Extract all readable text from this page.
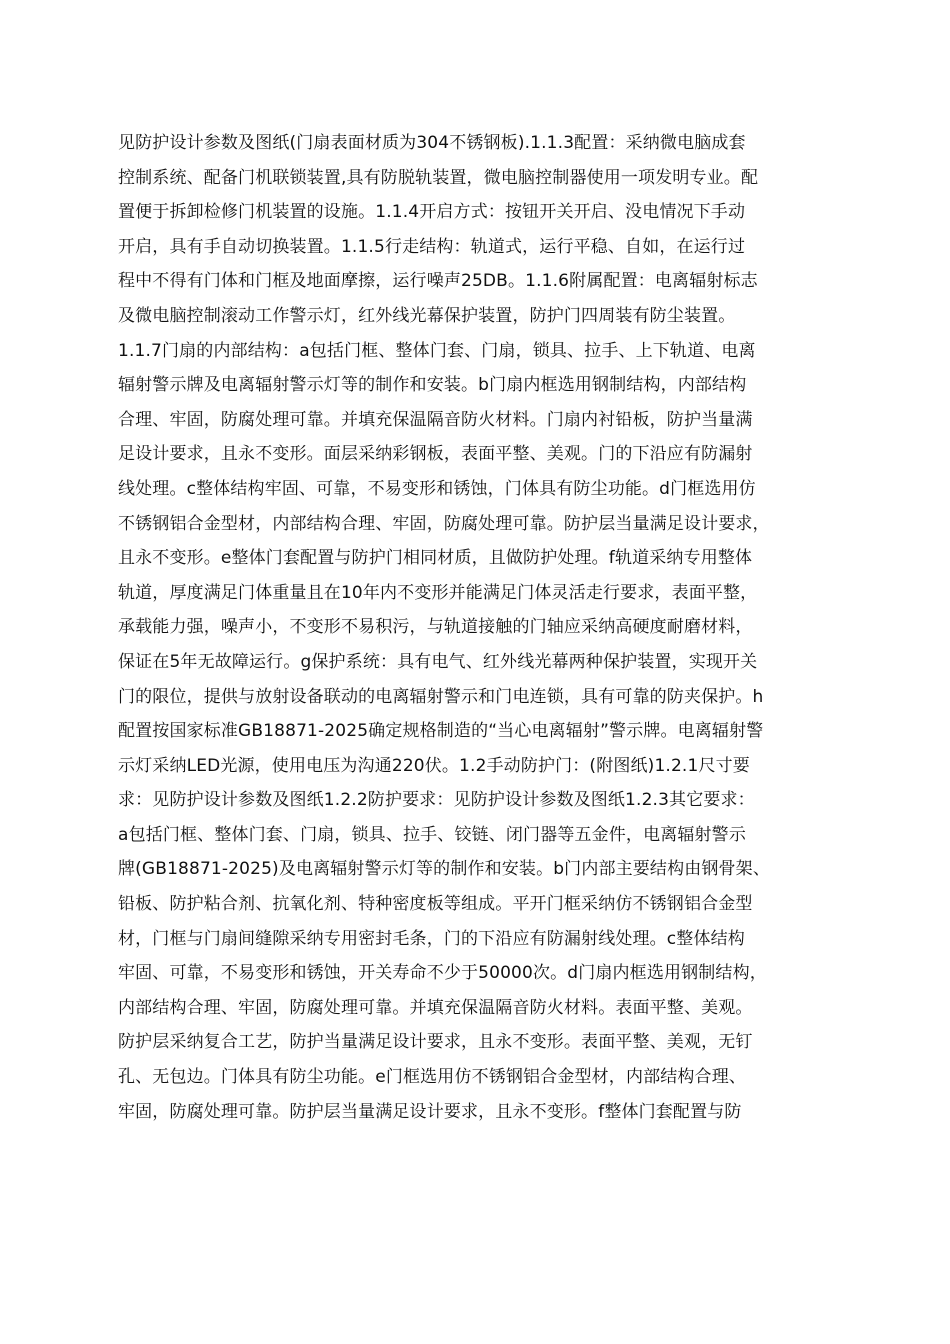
见防护设计参数及图纸(门扇表面材质为304不锈钢板).1.1.3配置：采纳微电脑成套
控制系统、配备门机联锁装置,具有防脱轨装置，微电脑控制器使用一项发明专业。配
置便于拆卸检修门机装置的设施。1.1.4开启方式：按钮开关开启、没电情况下手动
开启，具有手自动切换装置。1.1.5行走结构：轨道式，运行平稳、自如，在运行过
程中不得有门体和门框及地面摩擦，运行噪声25DB。1.1.6附属配置：电离辐射标志
及微电脑控制滚动工作警示灯，红外线光幕保护装置，防护门四周装有防尘装置。
1.1.7门扇的内部结构：a包括门框、整体门套、门扇，锁具、拉手、上下轨道、电离
辐射警示牌及电离辐射警示灯等的制作和安装。b门扇内框选用钢制结构，内部结构
合理、牢固，防腐处理可靠。并填充保温隔音防火材料。门扇内衬铅板，防护当量满
足设计要求，且永不变形。面层采纳彩钢板，表面平整、美观。门的下沿应有防漏射
线处理。c整体结构牢固、可靠，不易变形和锈蚀，门体具有防尘功能。d门框选用仿
不锈钢铝合金型材，内部结构合理、牢固，防腐处理可靠。防护层当量满足设计要求，
且永不变形。e整体门套配置与防护门相同材质，且做防护处理。f轨道采纳专用整体
轨道，厚度满足门体重量且在10年内不变形并能满足门体灵活走行要求，表面平整，
承载能力强，噪声小，不变形不易积污，与轨道接触的门轴应采纳高硬度耐磨材料，
保证在5年无故障运行。g保护系统：具有电气、红外线光幕两种保护装置，实现开关
门的限位，提供与放射设备联动的电离辐射警示和门电连锁，具有可靠的防夹保护。h
配置按国家标准GB18871-2025确定规格制造的“当心电离辐射”警示牌。电离辐射警
示灯采纳LED光源，使用电压为沟通220伏。1.2手动防护门：(附图纸)1.2.1尺寸要
求：见防护设计参数及图纸1.2.2防护要求：见防护设计参数及图纸1.2.3其它要求：
a包括门框、整体门套、门扇，锁具、拉手、铰链、闭门器等五金件，电离辐射警示
牌(GB18871-2025)及电离辐射警示灯等的制作和安装。b门内部主要结构由钢骨架、
铅板、防护粘合剂、抗氧化剂、特种密度板等组成。平开门框采纳仿不锈钢铝合金型
材，门框与门扇间缝隙采纳专用密封毛条，门的下沿应有防漏射线处理。c整体结构
牢固、可靠，不易变形和锈蚀，开关寿命不少于50000次。d门扇内框选用钢制结构，
内部结构合理、牢固，防腐处理可靠。并填充保温隔音防火材料。表面平整、美观。
防护层采纳复合工艺，防护当量满足设计要求，且永不变形。表面平整、美观，无钉
孔、无包边。门体具有防尘功能。e门框选用仿不锈钢铝合金型材，内部结构合理、
牢固，防腐处理可靠。防护层当量满足设计要求，且永不变形。f整体门套配置与防
